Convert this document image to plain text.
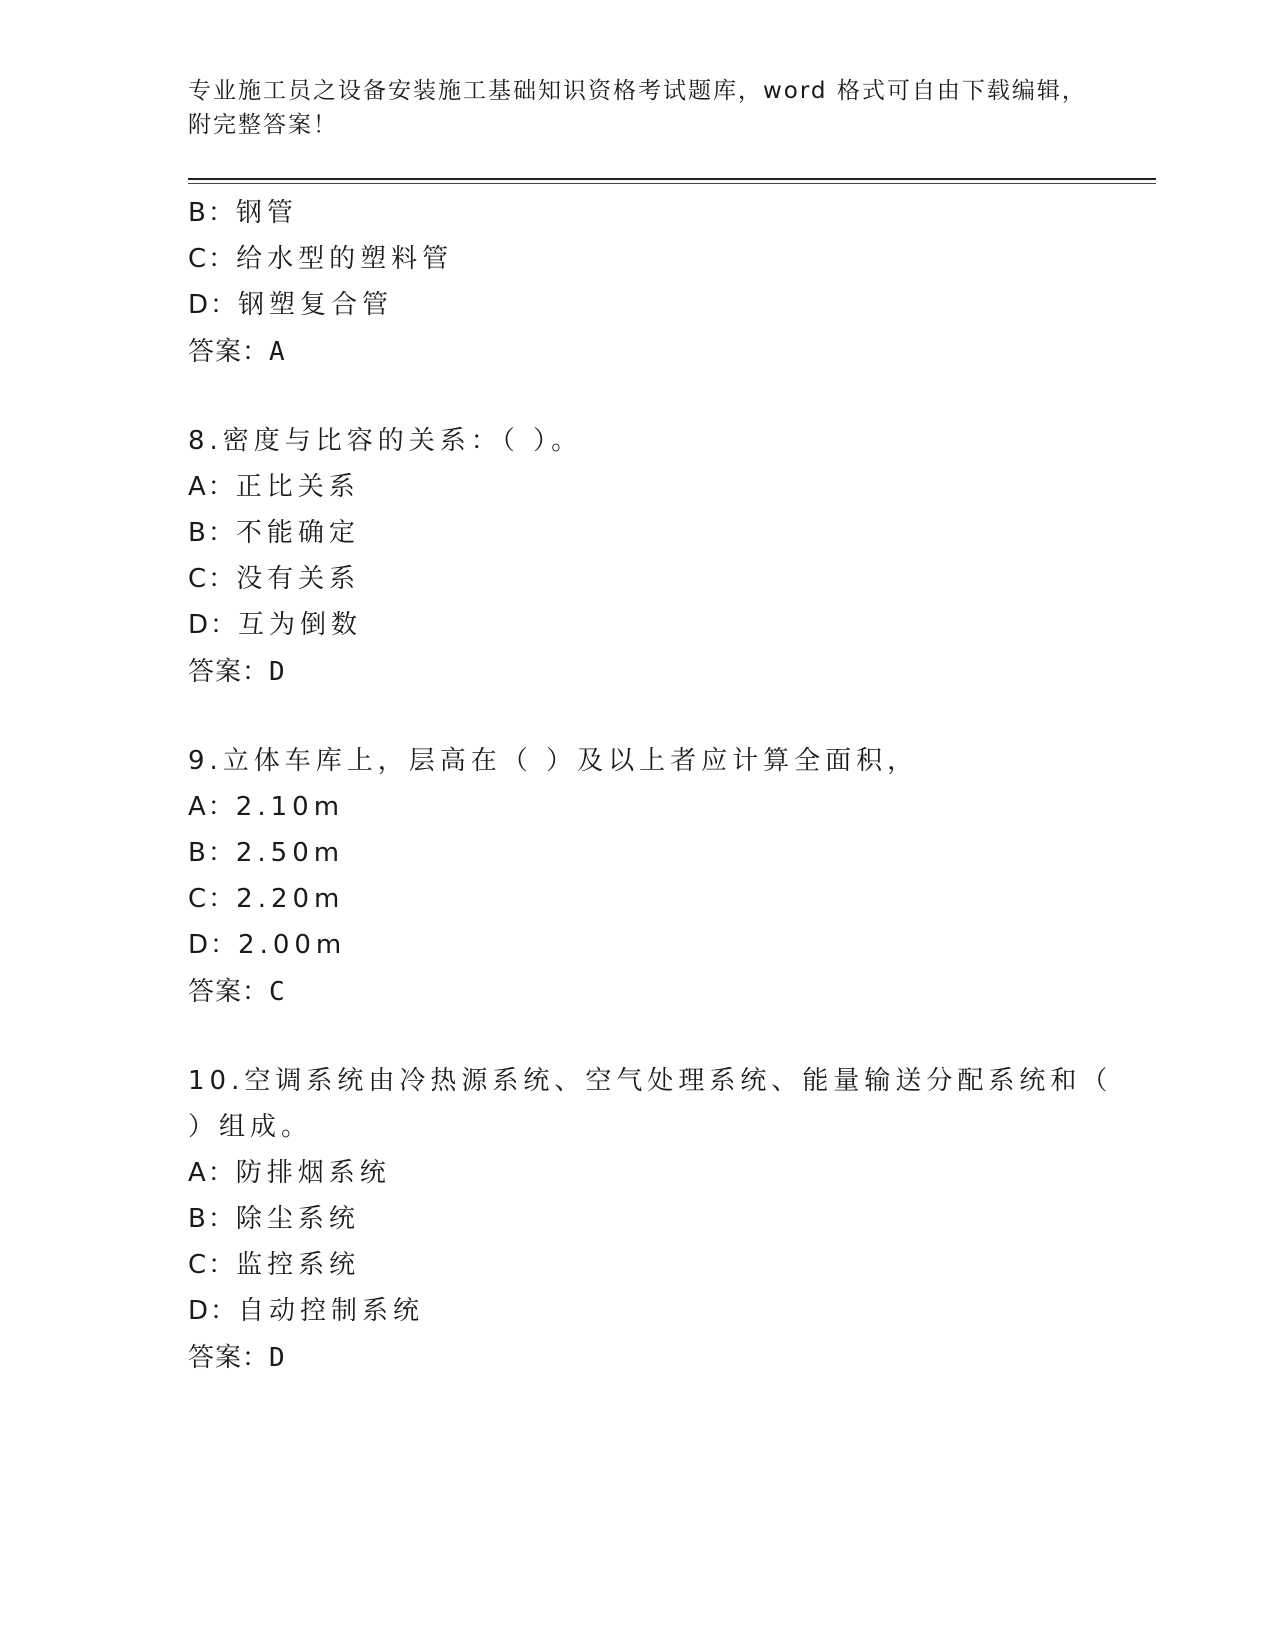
专业施工员之设备安装施工基础知识资格考试题库，word 格式可自由下载编辑，
附完整答案！
B：钢管
C：给水型的塑料管
D：钢塑复合管
答案：A
8.密度与比容的关系：（ ）。
A：正比关系
B：不能确定
C：没有关系
D：互为倒数
答案：D
9.立体车库上，层高在（ ）及以上者应计算全面积，
A：2.10m
B：2.50m
C：2.20m
D：2.00m
答案：C
10.空调系统由冷热源系统、空气处理系统、能量输送分配系统和（
）组成。
A：防排烟系统
B：除尘系统
C：监控系统
D：自动控制系统
答案：D
